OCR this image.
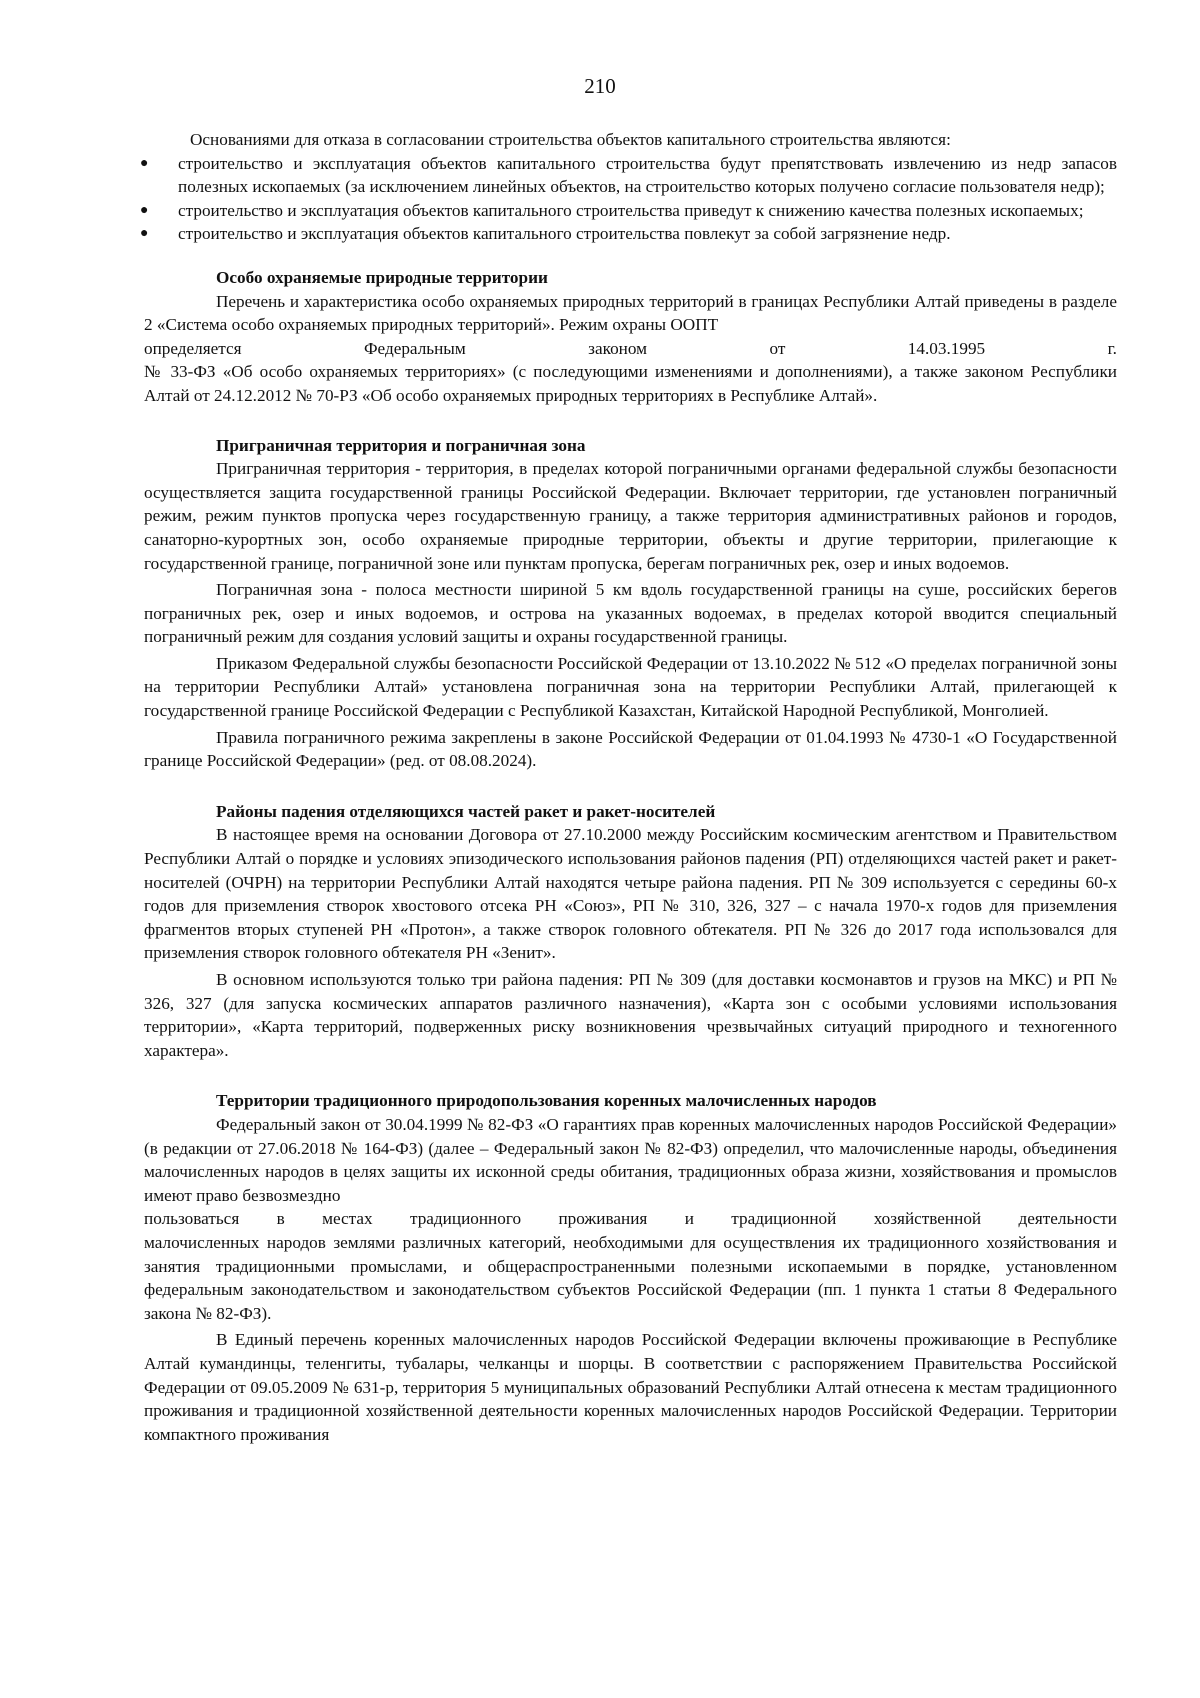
210

Основаниями для отказа в согласовании строительства объектов капитального строительства являются:

● строительство и эксплуатация объектов капитального строительства будут препятствовать извлечению из недр запасов полезных ископаемых (за исключением линейных объектов, на строительство которых получено согласие пользователя недр);
● строительство и эксплуатация объектов капитального строительства приведут к снижению качества полезных ископаемых;
● строительство и эксплуатация объектов капитального строительства повлекут за собой загрязнение недр.
Особо охраняемые природные территории

Перечень и характеристика особо охраняемых природных территорий в границах Республики Алтай приведены в разделе 2 «Система особо охраняемых природных территорий». Режим охраны ООПТ

определяется	Федеральным	законом	от	14.03.1995	г.

№ 33-ФЗ «Об особо охраняемых территориях» (с последующими изменениями и дополнениями), а также законом Республики Алтай от 24.12.2012 № 70-РЗ «Об особо охраняемых природных территориях в Республике Алтай».

Приграничная территория и пограничная зона

Приграничная территория - территория, в пределах которой пограничными органами федеральной службы безопасности осуществляется защита государственной границы Российской Федерации. Включает территории, где установлен пограничный режим, режим пунктов пропуска через государственную границу, а также территория административных районов и городов, санаторно-курортных зон, особо охраняемые природные территории, объекты и другие территории, прилегающие к государственной границе, пограничной зоне или пунктам пропуска, берегам пограничных рек, озер и иных водоемов.

Пограничная зона - полоса местности шириной 5 км вдоль государственной границы на суше, российских берегов пограничных рек, озер и иных водоемов, и острова на указанных водоемах, в пределах которой вводится специальный пограничный режим для создания условий защиты и охраны государственной границы.

Приказом Федеральной службы безопасности Российской Федерации от 13.10.2022 № 512 «О пределах пограничной зоны на территории Республики Алтай» установлена пограничная зона на территории Республики Алтай, прилегающей к государственной границе Российской Федерации с Республикой Казахстан, Китайской Народной Республикой, Монголией.

Правила пограничного режима закреплены в законе Российской Федерации от 01.04.1993 № 4730-1 «О Государственной границе Российской Федерации» (ред. от 08.08.2024).

Районы падения отделяющихся частей ракет и ракет-носителей

В настоящее время на основании Договора от 27.10.2000 между Российским космическим агентством и Правительством Республики Алтай о порядке и условиях эпизодического использования районов падения (РП) отделяющихся частей ракет и ракет-носителей (ОЧРН) на территории Республики Алтай находятся четыре района падения. РП № 309 используется с середины 60-х годов для приземления створок хвостового отсека РН «Союз», РП № 310, 326, 327 – с начала 1970-х годов для приземления фрагментов вторых ступеней РН «Протон», а также створок головного обтекателя. РП № 326 до 2017 года использовался для приземления створок головного обтекателя РН «Зенит».

В основном используются только три района падения: РП № 309 (для доставки космонавтов и грузов на МКС) и РП № 326, 327 (для запуска космических аппаратов различного назначения), «Карта зон с особыми условиями использования территории», «Карта территорий, подверженных риску возникновения чрезвычайных ситуаций природного и техногенного характера».

Территории традиционного природопользования коренных малочисленных народов

Федеральный закон от 30.04.1999 № 82-ФЗ «О гарантиях прав коренных малочисленных народов Российской Федерации» (в редакции от 27.06.2018 № 164-ФЗ) (далее – Федеральный закон № 82-ФЗ) определил, что малочисленные народы, объединения малочисленных народов в целях защиты их исконной среды обитания, традиционных образа жизни, хозяйствования и промыслов имеют право безвозмездно

пользоваться в местах традиционного проживания и традиционной хозяйственной деятельности

малочисленных народов землями различных категорий, необходимыми для осуществления их традиционного хозяйствования и занятия традиционными промыслами, и общераспространенными полезными ископаемыми в порядке, установленном федеральным законодательством и законодательством субъектов Российской Федерации (пп. 1 пункта 1 статьи 8 Федерального закона № 82-ФЗ).

В Единый перечень коренных малочисленных народов Российской Федерации включены проживающие в Республике Алтай кумандинцы, теленгиты, тубалары, челканцы и шорцы. В соответствии с распоряжением Правительства Российской Федерации от 09.05.2009 № 631-р, территория 5 муниципальных образований Республики Алтай отнесена к местам традиционного проживания и традиционной хозяйственной деятельности коренных малочисленных народов Российской Федерации. Территории компактного проживания
